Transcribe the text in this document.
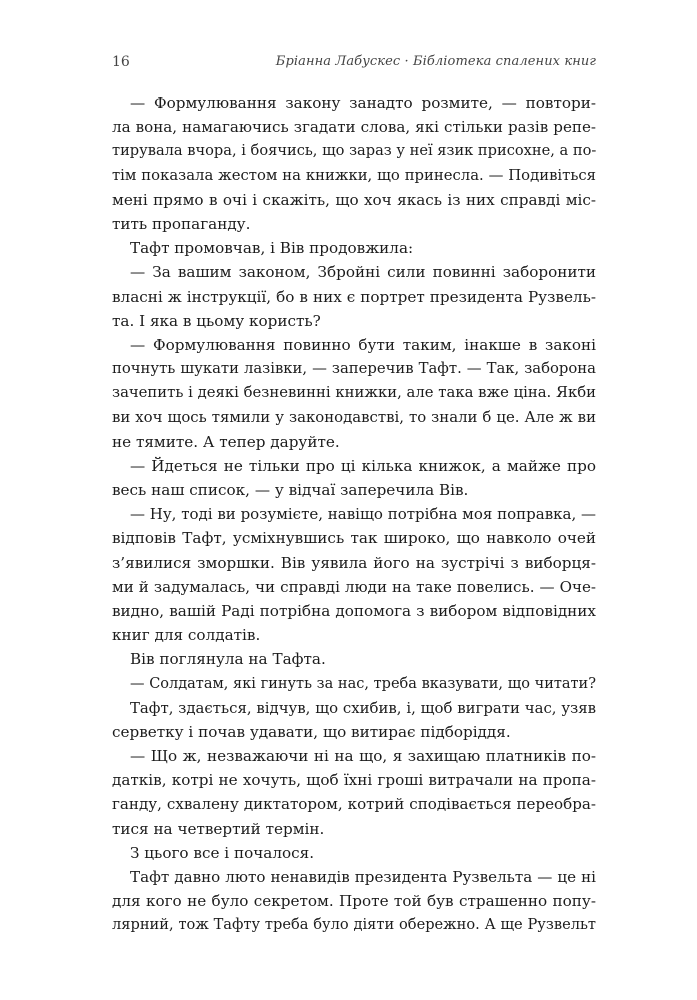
16	Бріанна Лабускес · Бібліотека спалених книг
— Формулювання закону занадто розмите, — повтори-
ла вона, намагаючись згадати слова, які стільки разів репе-
тирувала вчора, і боячись, що зараз у неї язик присохне, а по-
тім показала жестом на книжки, що принесла. — Подивіться
мені прямо в очі і скажіть, що хоч якась із них справді міс-
тить пропаганду.
Тафт промовчав, і Вів продовжила:
— За вашим законом, Збройні сили повинні заборонити
власні ж інструкції, бо в них є портрет президента Рузвель-
та. І яка в цьому користь?
— Формулювання повинно бути таким, інакше в законі
почнуть шукати лазівки, — заперечив Тафт. — Так, заборона
зачепить і деякі безневинні книжки, але така вже ціна. Якби
ви хоч щось тямили у законодавстві, то знали б це. Але ж ви
не тямите. А тепер даруйте.
— Йдеться не тільки про ці кілька книжок, а майже про
весь наш список, — у відчаї заперечила Вів.
— Ну, тоді ви розумієте, навіщо потрібна моя поправка, —
відповів Тафт, усміхнувшись так широко, що навколо очей
з’явилися зморшки. Вів уявила його на зустрічі з виборця-
ми й задумалась, чи справді люди на таке повелись. — Оче-
видно, вашій Раді потрібна допомога з вибором відповідних
книг для солдатів.
Вів поглянула на Тафта.
— Солдатам, які гинуть за нас, треба вказувати, що читати?
Тафт, здається, відчув, що схибив, і, щоб виграти час, узяв
серветку і почав удавати, що витирає підборіддя.
— Що ж, незважаючи ні на що, я захищаю платників по-
датків, котрі не хочуть, щоб їхні гроші витрачали на пропа-
ганду, схвалену диктатором, котрий сподівається переобра-
тися на четвертий термін.
З цього все і почалося.
Тафт давно люто ненавидів президента Рузвельта — це ні
для кого не було секретом. Проте той був страшенно попу-
лярний, тож Тафту треба було діяти обережно. А ще Рузвельт
